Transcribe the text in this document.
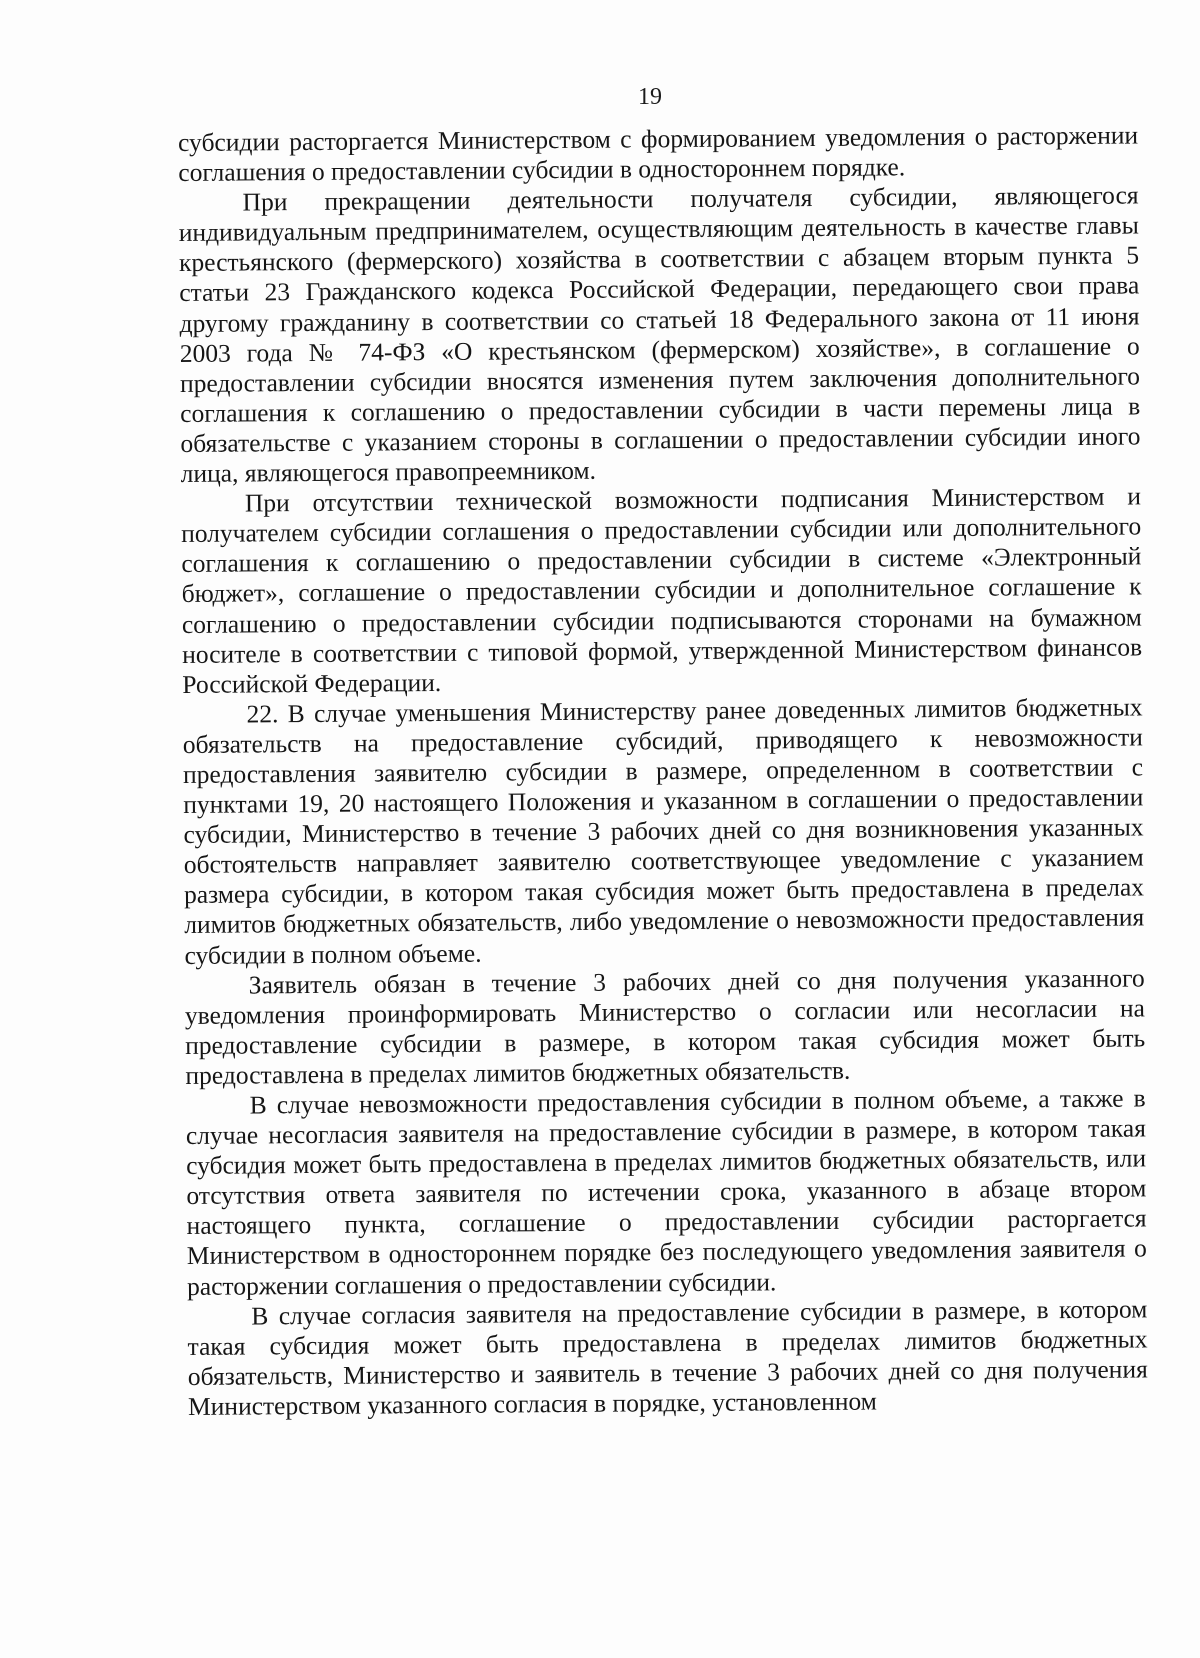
19

субсидии расторгается Министерством с формированием уведомления о расторжении соглашения о предоставлении субсидии в одностороннем порядке.

При прекращении деятельности получателя субсидии, являющегося индивидуальным предпринимателем, осуществляющим деятельность в качестве главы крестьянского (фермерского) хозяйства в соответствии с абзацем вторым пункта 5 статьи 23 Гражданского кодекса Российской Федерации, передающего свои права другому гражданину в соответствии со статьей 18 Федерального закона от 11 июня 2003 года № 74-ФЗ «О крестьянском (фермерском) хозяйстве», в соглашение о предоставлении субсидии вносятся изменения путем заключения дополнительного соглашения к соглашению о предоставлении субсидии в части перемены лица в обязательстве с указанием стороны в соглашении о предоставлении субсидии иного лица, являющегося правопреемником.

При отсутствии технической возможности подписания Министерством и получателем субсидии соглашения о предоставлении субсидии или дополнительного соглашения к соглашению о предоставлении субсидии в системе «Электронный бюджет», соглашение о предоставлении субсидии и дополнительное соглашение к соглашению о предоставлении субсидии подписываются сторонами на бумажном носителе в соответствии с типовой формой, утвержденной Министерством финансов Российской Федерации.

22. В случае уменьшения Министерству ранее доведенных лимитов бюджетных обязательств на предоставление субсидий, приводящего к невозможности предоставления заявителю субсидии в размере, определенном в соответствии с пунктами 19, 20 настоящего Положения и указанном в соглашении о предоставлении субсидии, Министерство в течение 3 рабочих дней со дня возникновения указанных обстоятельств направляет заявителю соответствующее уведомление с указанием размера субсидии, в котором такая субсидия может быть предоставлена в пределах лимитов бюджетных обязательств, либо уведомление о невозможности предоставления субсидии в полном объеме.

Заявитель обязан в течение 3 рабочих дней со дня получения указанного уведомления проинформировать Министерство о согласии или несогласии на предоставление субсидии в размере, в котором такая субсидия может быть предоставлена в пределах лимитов бюджетных обязательств.

В случае невозможности предоставления субсидии в полном объеме, а также в случае несогласия заявителя на предоставление субсидии в размере, в котором такая субсидия может быть предоставлена в пределах лимитов бюджетных обязательств, или отсутствия ответа заявителя по истечении срока, указанного в абзаце втором настоящего пункта, соглашение о предоставлении субсидии расторгается Министерством в одностороннем порядке без последующего уведомления заявителя о расторжении соглашения о предоставлении субсидии.

В случае согласия заявителя на предоставление субсидии в размере, в котором такая субсидия может быть предоставлена в пределах лимитов бюджетных обязательств, Министерство и заявитель в течение 3 рабочих дней со дня получения Министерством указанного согласия в порядке, установленном
